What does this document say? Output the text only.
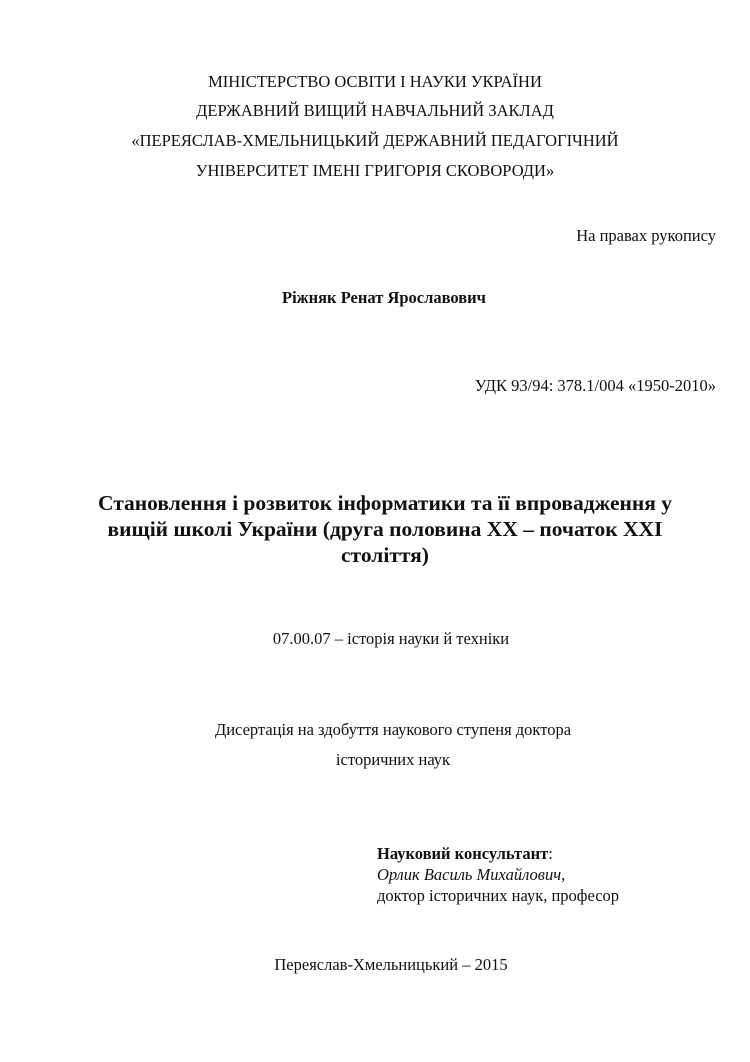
МІНІСТЕРСТВО ОСВІТИ І НАУКИ УКРАЇНИ
ДЕРЖАВНИЙ ВИЩИЙ НАВЧАЛЬНИЙ ЗАКЛАД
«ПЕРЕЯСЛАВ-ХМЕЛЬНИЦЬКИЙ ДЕРЖАВНИЙ ПЕДАГОГІЧНИЙ
УНІВЕРСИТЕТ ІМЕНІ ГРИГОРІЯ СКОВОРОДИ»
На правах рукопису
Ріжняк Ренат Ярославович
УДК 93/94: 378.1/004 «1950-2010»
Становлення і розвиток інформатики та її впровадження у
вищій школі України (друга половина ХХ – початок ХХІ
століття)
07.00.07 – історія науки й техніки
Дисертація на здобуття наукового ступеня доктора
історичних наук
Науковий консультант:
Орлик Василь Михайлович,
доктор історичних наук, професор
Переяслав-Хмельницький – 2015
